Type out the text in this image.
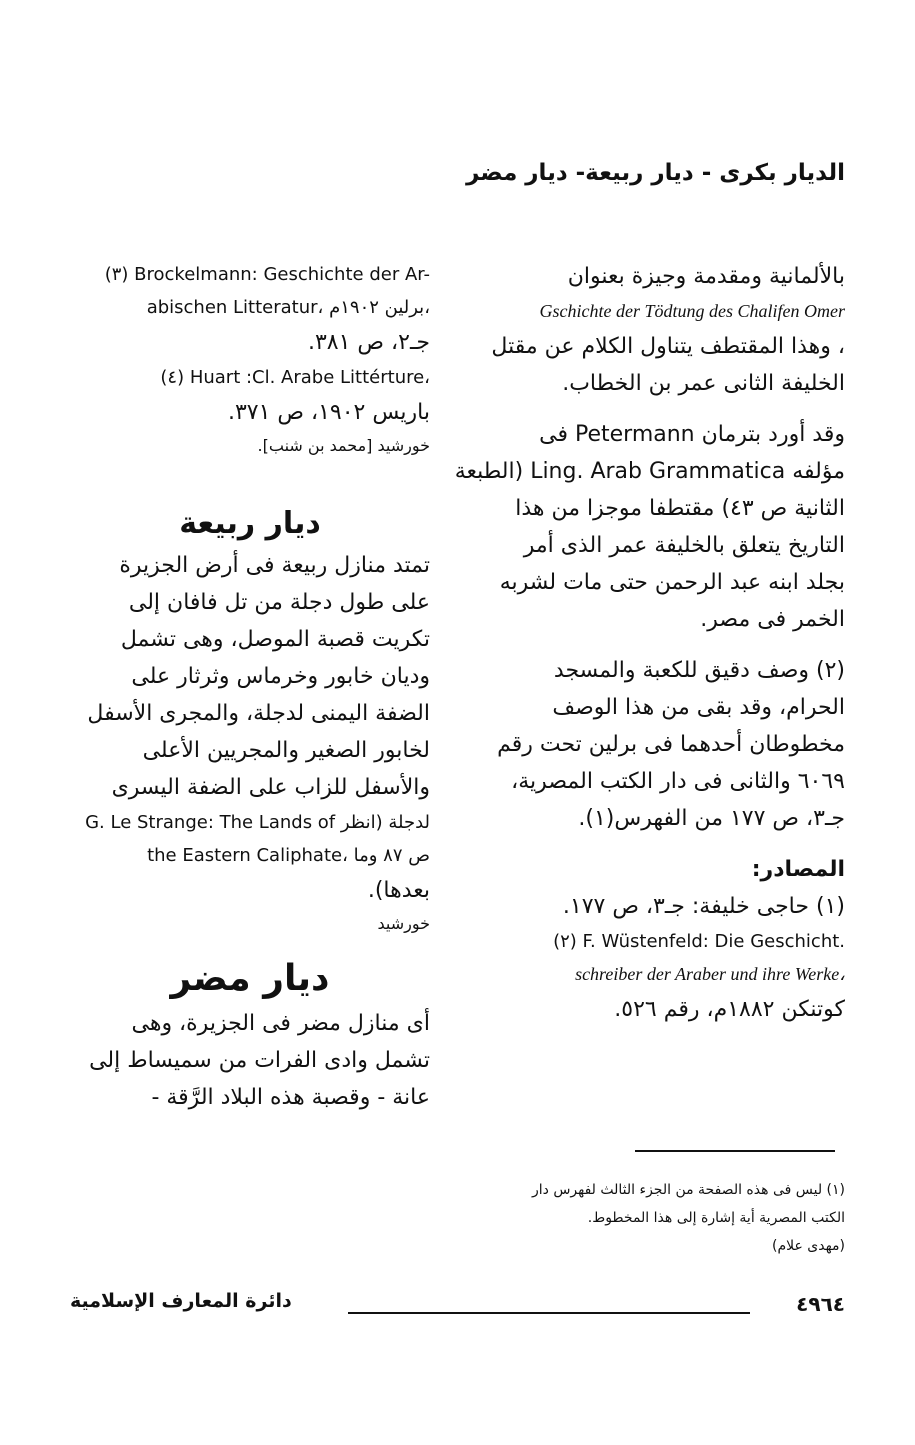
الديار بكرى - ديار ربيعة- ديار مضر
بالألمانية ومقدمة وجيزة بعنوان
Gschichte der Tödtung des Chalifen Omer
، وهذا المقتطف يتناول الكلام عن مقتل
الخليفة الثانى عمر بن الخطاب.
وقد أورد بترمان Petermann فى
مؤلفه Ling. Arab Grammatica (الطبعة
الثانية ص ٤٣) مقتطفا موجزا من هذا
التاريخ يتعلق بالخليفة عمر الذى أمر
بجلد ابنه عبد الرحمن حتى مات لشربه
الخمر فى مصر.
(٢) وصف دقيق للكعبة والمسجد
الحرام، وقد بقى من هذا الوصف
مخطوطان أحدهما فى برلين تحت رقم
٦٠٦٩ والثانى فى دار الكتب المصرية،
جـ٣، ص ١٧٧ من الفهرس(١).
المصادر:
(١) حاجى خليفة: جـ٣، ص ١٧٧.
(٢) F. Wüstenfeld: Die Geschicht.
schreiber der Araber und ihre Werke،
كوتنكن ١٨٨٢م، رقم ٥٢٦.
(٣) Brockelmann: Geschichte der Ar-
abischen Litteratur، برلين ١٩٠٢م،
جـ٢، ص ٣٨١.
(٤) Huart :Cl. Arabe Littérture،
باريس ١٩٠٢، ص ٣٧١.
خورشيد [محمد بن شنب].
ديار ربيعة
تمتد منازل ربيعة فى أرض الجزيرة
على طول دجلة من تل فافان إلى
تكريت قصبة الموصل، وهى تشمل
وديان خابور وخرماس وثرثار على
الضفة اليمنى لدجلة، والمجرى الأسفل
لخابور الصغير والمجريين الأعلى
والأسفل للزاب على الضفة اليسرى
لدجلة (انظر G. Le Strange: The Lands of
the Eastern Caliphate، ص ٨٧ وما
بعدها).
خورشيد
ديار مضر
أى منازل مضر فى الجزيرة، وهى
تشمل وادى الفرات من سميساط إلى
عانة - وقصبة هذه البلاد الرَّقة -
(١) ليس فى هذه الصفحة من الجزء الثالث لفهرس دار
الكتب المصرية أية إشارة إلى هذا المخطوط.
(مهدى علام)
دائرة المعارف الإسلامية	٤٩٦٤
